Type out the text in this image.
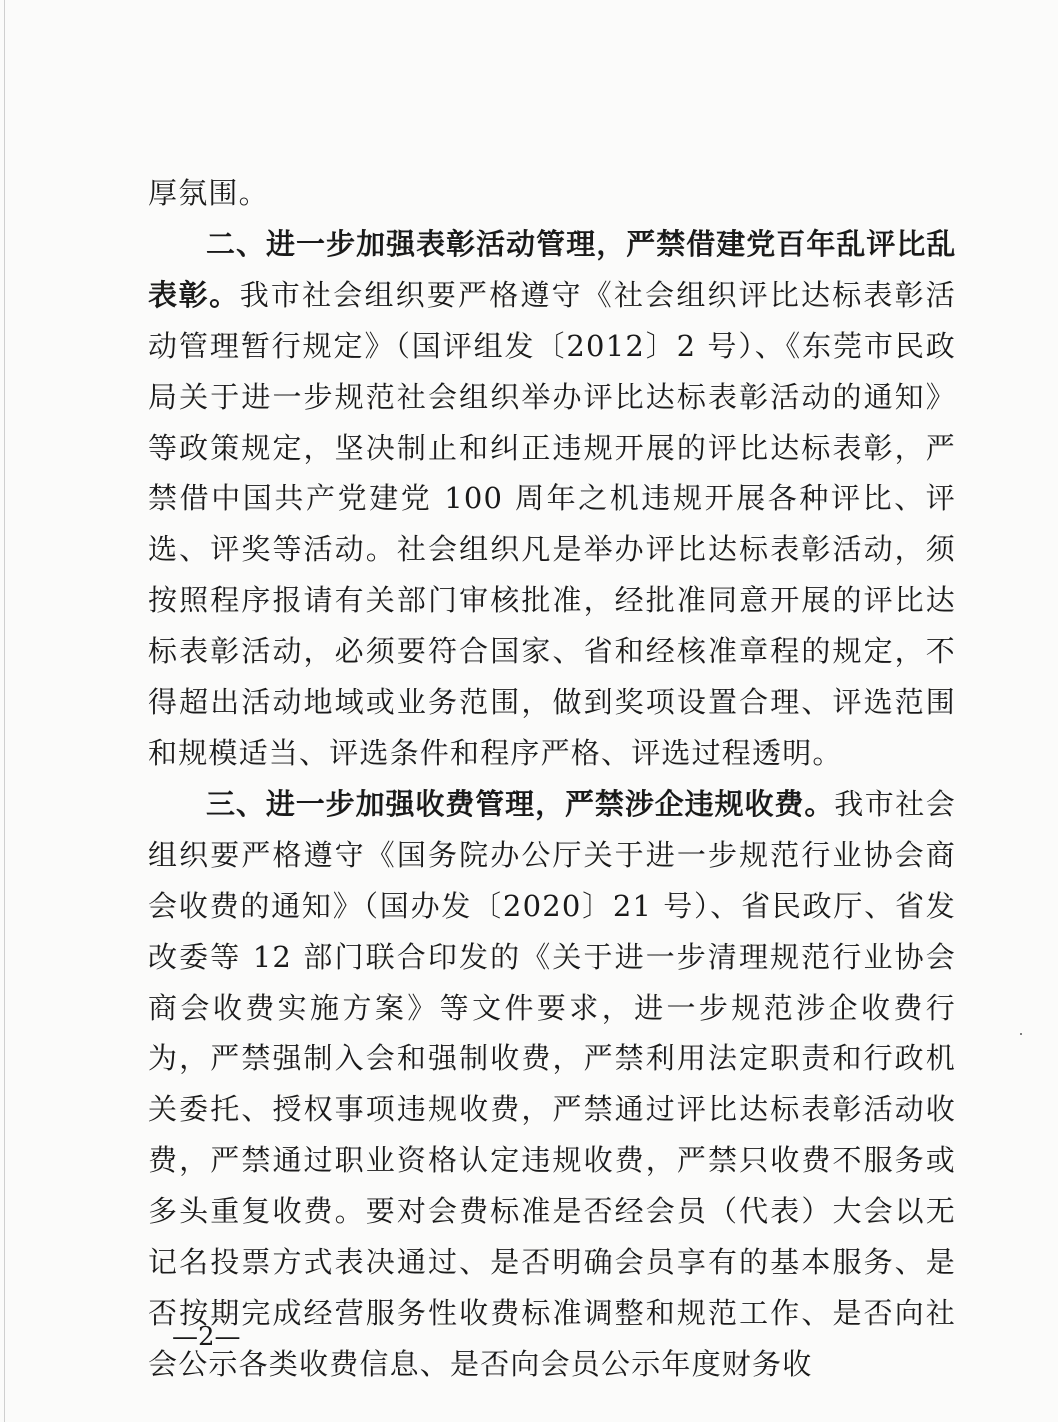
厚氛围。

二、进一步加强表彰活动管理，严禁借建党百年乱评比乱表彰。我市社会组织要严格遵守《社会组织评比达标表彰活动管理暂行规定》（国评组发〔2012〕2 号）、《东莞市民政局关于进一步规范社会组织举办评比达标表彰活动的通知》等政策规定，坚决制止和纠正违规开展的评比达标表彰，严禁借中国共产党建党 100 周年之机违规开展各种评比、评选、评奖等活动。社会组织凡是举办评比达标表彰活动，须按照程序报请有关部门审核批准，经批准同意开展的评比达标表彰活动，必须要符合国家、省和经核准章程的规定，不得超出活动地域或业务范围，做到奖项设置合理、评选范围和规模适当、评选条件和程序严格、评选过程透明。

三、进一步加强收费管理，严禁涉企违规收费。我市社会组织要严格遵守《国务院办公厅关于进一步规范行业协会商会收费的通知》（国办发〔2020〕21 号）、省民政厅、省发改委等 12 部门联合印发的《关于进一步清理规范行业协会商会收费实施方案》等文件要求，进一步规范涉企收费行为，严禁强制入会和强制收费，严禁利用法定职责和行政机关委托、授权事项违规收费，严禁通过评比达标表彰活动收费，严禁通过职业资格认定违规收费，严禁只收费不服务或多头重复收费。要对会费标准是否经会员（代表）大会以无记名投票方式表决通过、是否明确会员享有的基本服务、是否按期完成经营服务性收费标准调整和规范工作、是否向社会公示各类收费信息、是否向会员公示年度财务收

—2—
